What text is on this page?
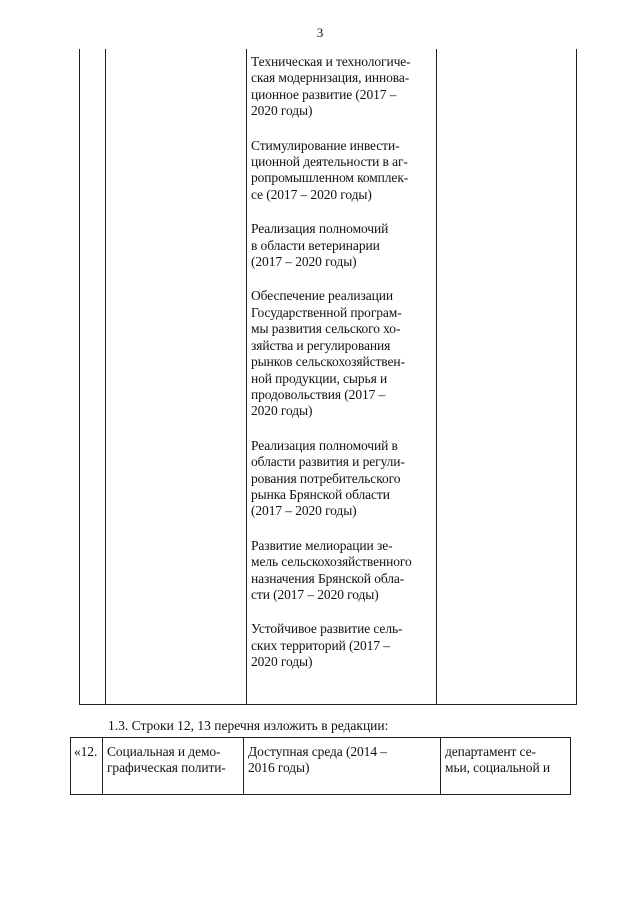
3

Техническая и технологиче-
ская модернизация, иннова-
ционное развитие (2017 –
2020 годы)

Стимулирование инвести-
ционной деятельности в аг-
ропромышленном комплек-
се (2017 – 2020 годы)

Реализация полномочий
в области ветеринарии
(2017 – 2020 годы)

Обеспечение реализации
Государственной програм-
мы развития сельского хо-
зяйства и регулирования
рынков сельскохозяйствен-
ной продукции, сырья и
продовольствия (2017 –
2020 годы)

Реализация полномочий в
области развития и регули-
рования потребительского
рынка Брянской области
(2017 – 2020 годы)

Развитие мелиорации зе-
мель сельскохозяйственного
назначения Брянской обла-
сти (2017 – 2020 годы)

Устойчивое развитие сель-
ских территорий (2017 –
2020 годы)

1.3. Строки 12, 13 перечня изложить в редакции:
«12. Социальная и демо-
графическая полити-
Доступная среда (2014 –
2016 годы)
департамент се-
мьи, социальной и
